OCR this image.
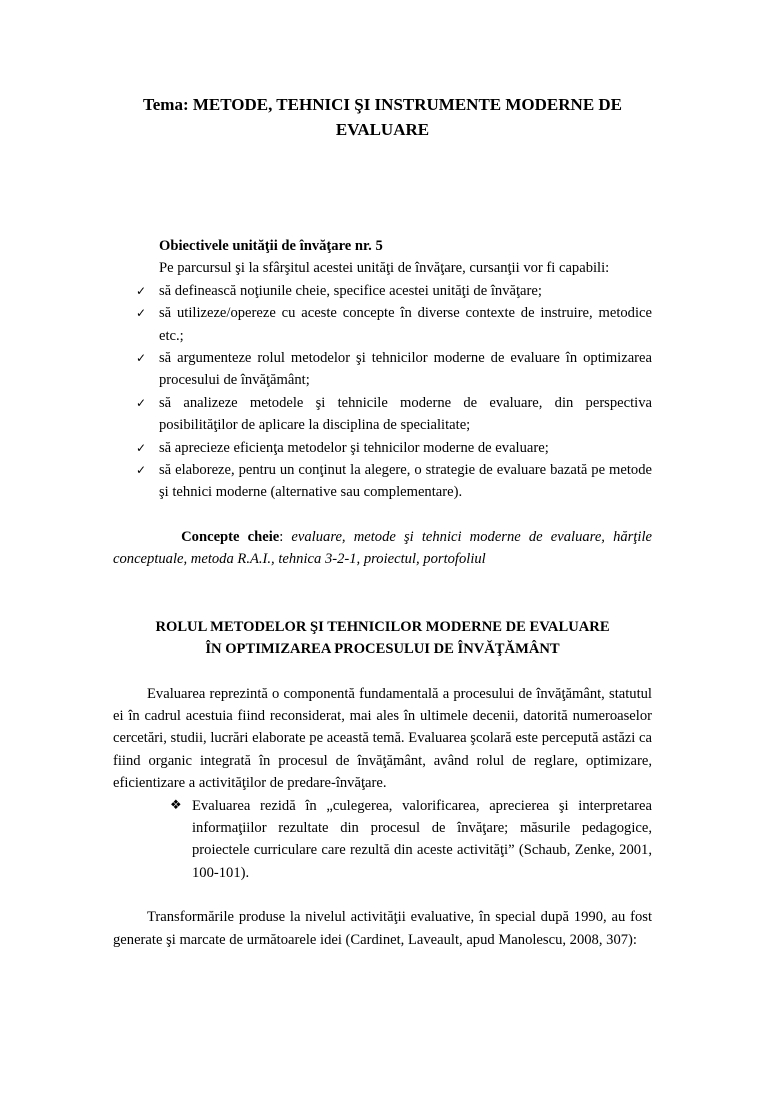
Tema: METODE, TEHNICI ŞI INSTRUMENTE MODERNE DE
EVALUARE
Obiectivele unităţii de învăţare nr. 5
Pe parcursul şi la sfârşitul acestei unităţi de învăţare, cursanţii vor fi capabili:
✓ să definească noţiunile cheie, specifice acestei unităţi de învăţare;
✓ să utilizeze/opereze cu aceste concepte în diverse contexte de instruire, metodice etc.;
✓ să argumenteze rolul metodelor şi tehnicilor moderne de evaluare în optimizarea procesului de învăţământ;
✓ să analizeze metodele şi tehnicile moderne de evaluare, din perspectiva posibilităţilor de aplicare la disciplina de specialitate;
✓ să aprecieze eficienţa metodelor şi tehnicilor moderne de evaluare;
✓ să elaboreze, pentru un conţinut la alegere, o strategie de evaluare bazată pe metode şi tehnici moderne (alternative sau complementare).

Concepte cheie: evaluare, metode şi tehnici moderne de evaluare, hărţile conceptuale, metoda R.A.I., tehnica 3-2-1, proiectul, portofoliul

ROLUL METODELOR ŞI TEHNICILOR MODERNE DE EVALUARE
ÎN OPTIMIZAREA PROCESULUI DE ÎNVĂŢĂMÂNT

Evaluarea reprezintă o componentă fundamentală a procesului de învăţământ, statutul ei în cadrul acestuia fiind reconsiderat, mai ales în ultimele decenii, datorită numeroaselor cercetări, studii, lucrări elaborate pe această temă. Evaluarea şcolară este percepută astăzi ca fiind organic integrată în procesul de învăţământ, având rolul de reglare, optimizare, eficientizare a activităţilor de predare-învăţare.

❖ Evaluarea rezidă în „culegerea, valorificarea, aprecierea şi interpretarea informaţiilor rezultate din procesul de învăţare; măsurile pedagogice, proiectele curriculare care rezultă din aceste activităţi” (Schaub, Zenke, 2001, 100-101).

Transformările produse la nivelul activităţii evaluative, în special după 1990, au fost generate şi marcate de următoarele idei (Cardinet, Laveault, apud Manolescu, 2008, 307):
